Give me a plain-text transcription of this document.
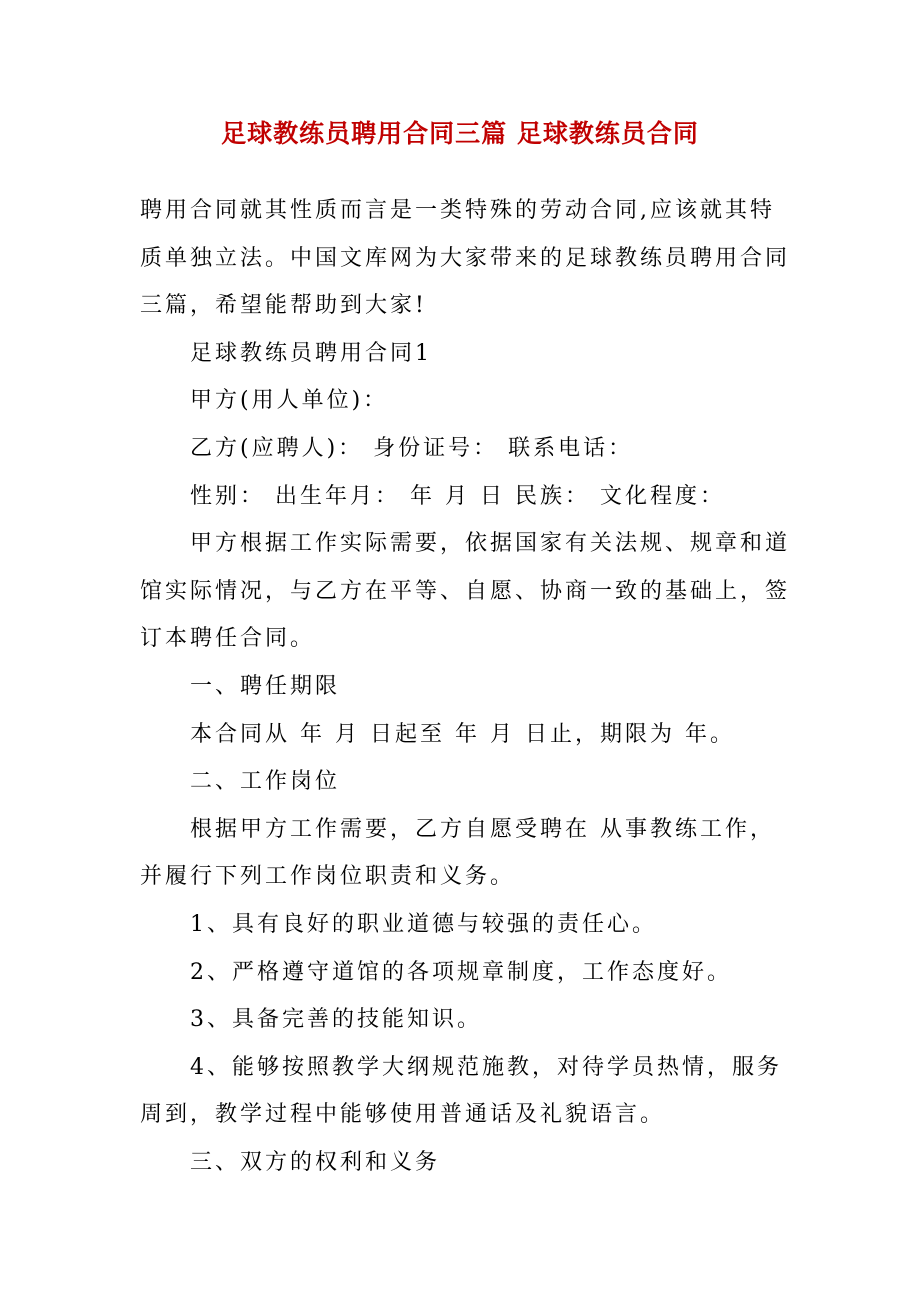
足球教练员聘用合同三篇 足球教练员合同

聘用合同就其性质而言是一类特殊的劳动合同,应该就其特质单独立法。中国文库网为大家带来的足球教练员聘用合同三篇，希望能帮助到大家!

足球教练员聘用合同1

甲方(用人单位)：

乙方(应聘人)： 身份证号： 联系电话：

性别： 出生年月： 年 月 日 民族： 文化程度：

甲方根据工作实际需要，依据国家有关法规、规章和道馆实际情况，与乙方在平等、自愿、协商一致的基础上，签订本聘任合同。

一、聘任期限

本合同从 年 月 日起至 年 月 日止，期限为 年。

二、工作岗位

根据甲方工作需要，乙方自愿受聘在 从事教练工作，并履行下列工作岗位职责和义务。

1、具有良好的职业道德与较强的责任心。

2、严格遵守道馆的各项规章制度，工作态度好。

3、具备完善的技能知识。

4、能够按照教学大纲规范施教，对待学员热情，服务周到，教学过程中能够使用普通话及礼貌语言。

三、双方的权利和义务
